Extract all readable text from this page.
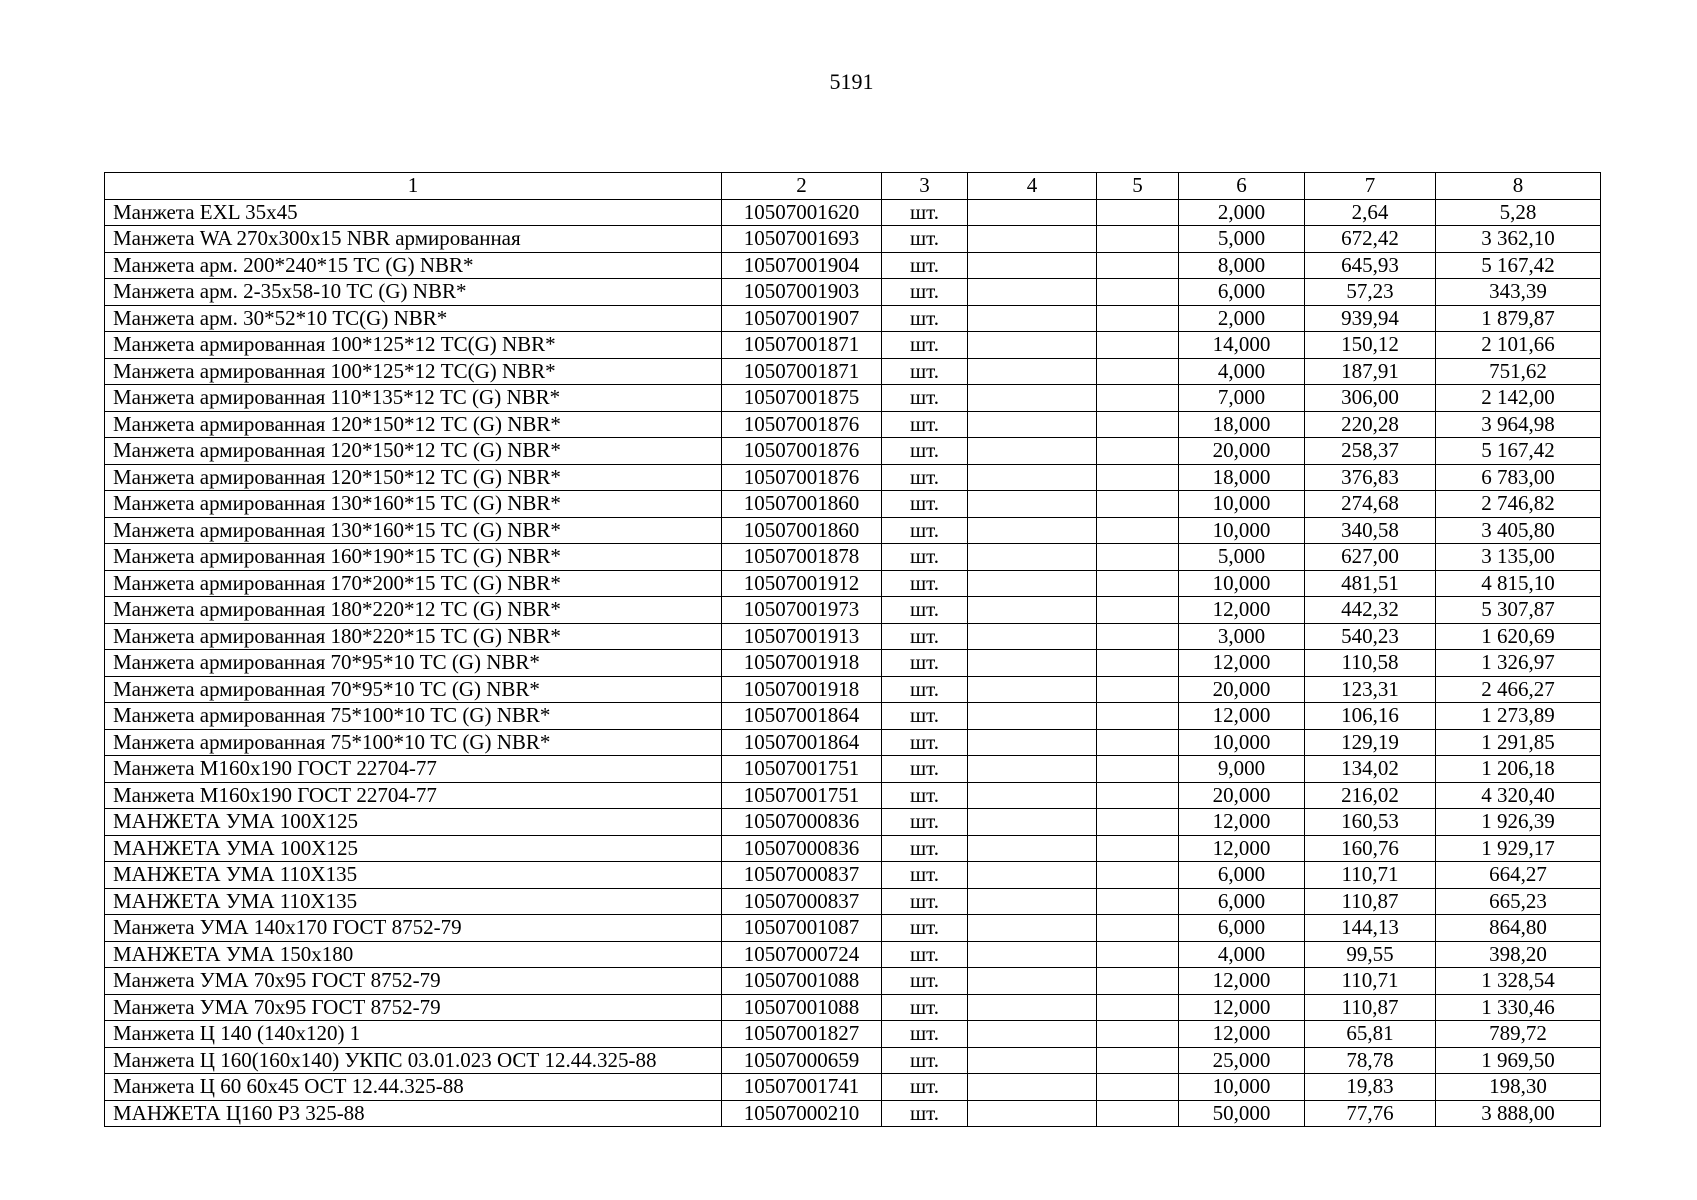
5191
1	2	3	4	5	6	7	8
Манжета EXL 35х45	10507001620	шт.			2,000	2,64	5,28
Манжета WA 270х300х15 NBR армированная	10507001693	шт.			5,000	672,42	3 362,10
Манжета арм. 200*240*15 TC (G) NBR*	10507001904	шт.			8,000	645,93	5 167,42
Манжета арм. 2-35х58-10 TC (G) NBR*	10507001903	шт.			6,000	57,23	343,39
Манжета арм. 30*52*10 TC(G) NBR*	10507001907	шт.			2,000	939,94	1 879,87
Манжета армированная 100*125*12 TC(G) NBR*	10507001871	шт.			14,000	150,12	2 101,66
Манжета армированная 100*125*12 TC(G) NBR*	10507001871	шт.			4,000	187,91	751,62
Манжета армированная 110*135*12 TC (G) NBR*	10507001875	шт.			7,000	306,00	2 142,00
Манжета армированная 120*150*12 TC (G) NBR*	10507001876	шт.			18,000	220,28	3 964,98
Манжета армированная 120*150*12 TC (G) NBR*	10507001876	шт.			20,000	258,37	5 167,42
Манжета армированная 120*150*12 TC (G) NBR*	10507001876	шт.			18,000	376,83	6 783,00
Манжета армированная 130*160*15 TC (G) NBR*	10507001860	шт.			10,000	274,68	2 746,82
Манжета армированная 130*160*15 TC (G) NBR*	10507001860	шт.			10,000	340,58	3 405,80
Манжета армированная 160*190*15 TC (G) NBR*	10507001878	шт.			5,000	627,00	3 135,00
Манжета армированная 170*200*15 TC (G) NBR*	10507001912	шт.			10,000	481,51	4 815,10
Манжета армированная 180*220*12 TC (G) NBR*	10507001973	шт.			12,000	442,32	5 307,87
Манжета армированная 180*220*15 TC (G) NBR*	10507001913	шт.			3,000	540,23	1 620,69
Манжета армированная 70*95*10 TC (G) NBR*	10507001918	шт.			12,000	110,58	1 326,97
Манжета армированная 70*95*10 TC (G) NBR*	10507001918	шт.			20,000	123,31	2 466,27
Манжета армированная 75*100*10 TC (G) NBR*	10507001864	шт.			12,000	106,16	1 273,89
Манжета армированная 75*100*10 TC (G) NBR*	10507001864	шт.			10,000	129,19	1 291,85
Манжета М160х190 ГОСТ 22704-77	10507001751	шт.			9,000	134,02	1 206,18
Манжета М160х190 ГОСТ 22704-77	10507001751	шт.			20,000	216,02	4 320,40
МАНЖЕТА УМА 100Х125	10507000836	шт.			12,000	160,53	1 926,39
МАНЖЕТА УМА 100Х125	10507000836	шт.			12,000	160,76	1 929,17
МАНЖЕТА УМА 110Х135	10507000837	шт.			6,000	110,71	664,27
МАНЖЕТА УМА 110Х135	10507000837	шт.			6,000	110,87	665,23
Манжета УМА 140х170 ГОСТ 8752-79	10507001087	шт.			6,000	144,13	864,80
МАНЖЕТА УМА 150х180	10507000724	шт.			4,000	99,55	398,20
Манжета УМА 70х95 ГОСТ 8752-79	10507001088	шт.			12,000	110,71	1 328,54
Манжета УМА 70х95 ГОСТ 8752-79	10507001088	шт.			12,000	110,87	1 330,46
Манжета Ц 140 (140х120) 1	10507001827	шт.			12,000	65,81	789,72
Манжета Ц 160(160х140) УКПС 03.01.023 ОСТ 12.44.325-88	10507000659	шт.			25,000	78,78	1 969,50
Манжета Ц 60 60х45 ОСТ 12.44.325-88	10507001741	шт.			10,000	19,83	198,30
МАНЖЕТА Ц160 Р3 325-88	10507000210	шт.			50,000	77,76	3 888,00
